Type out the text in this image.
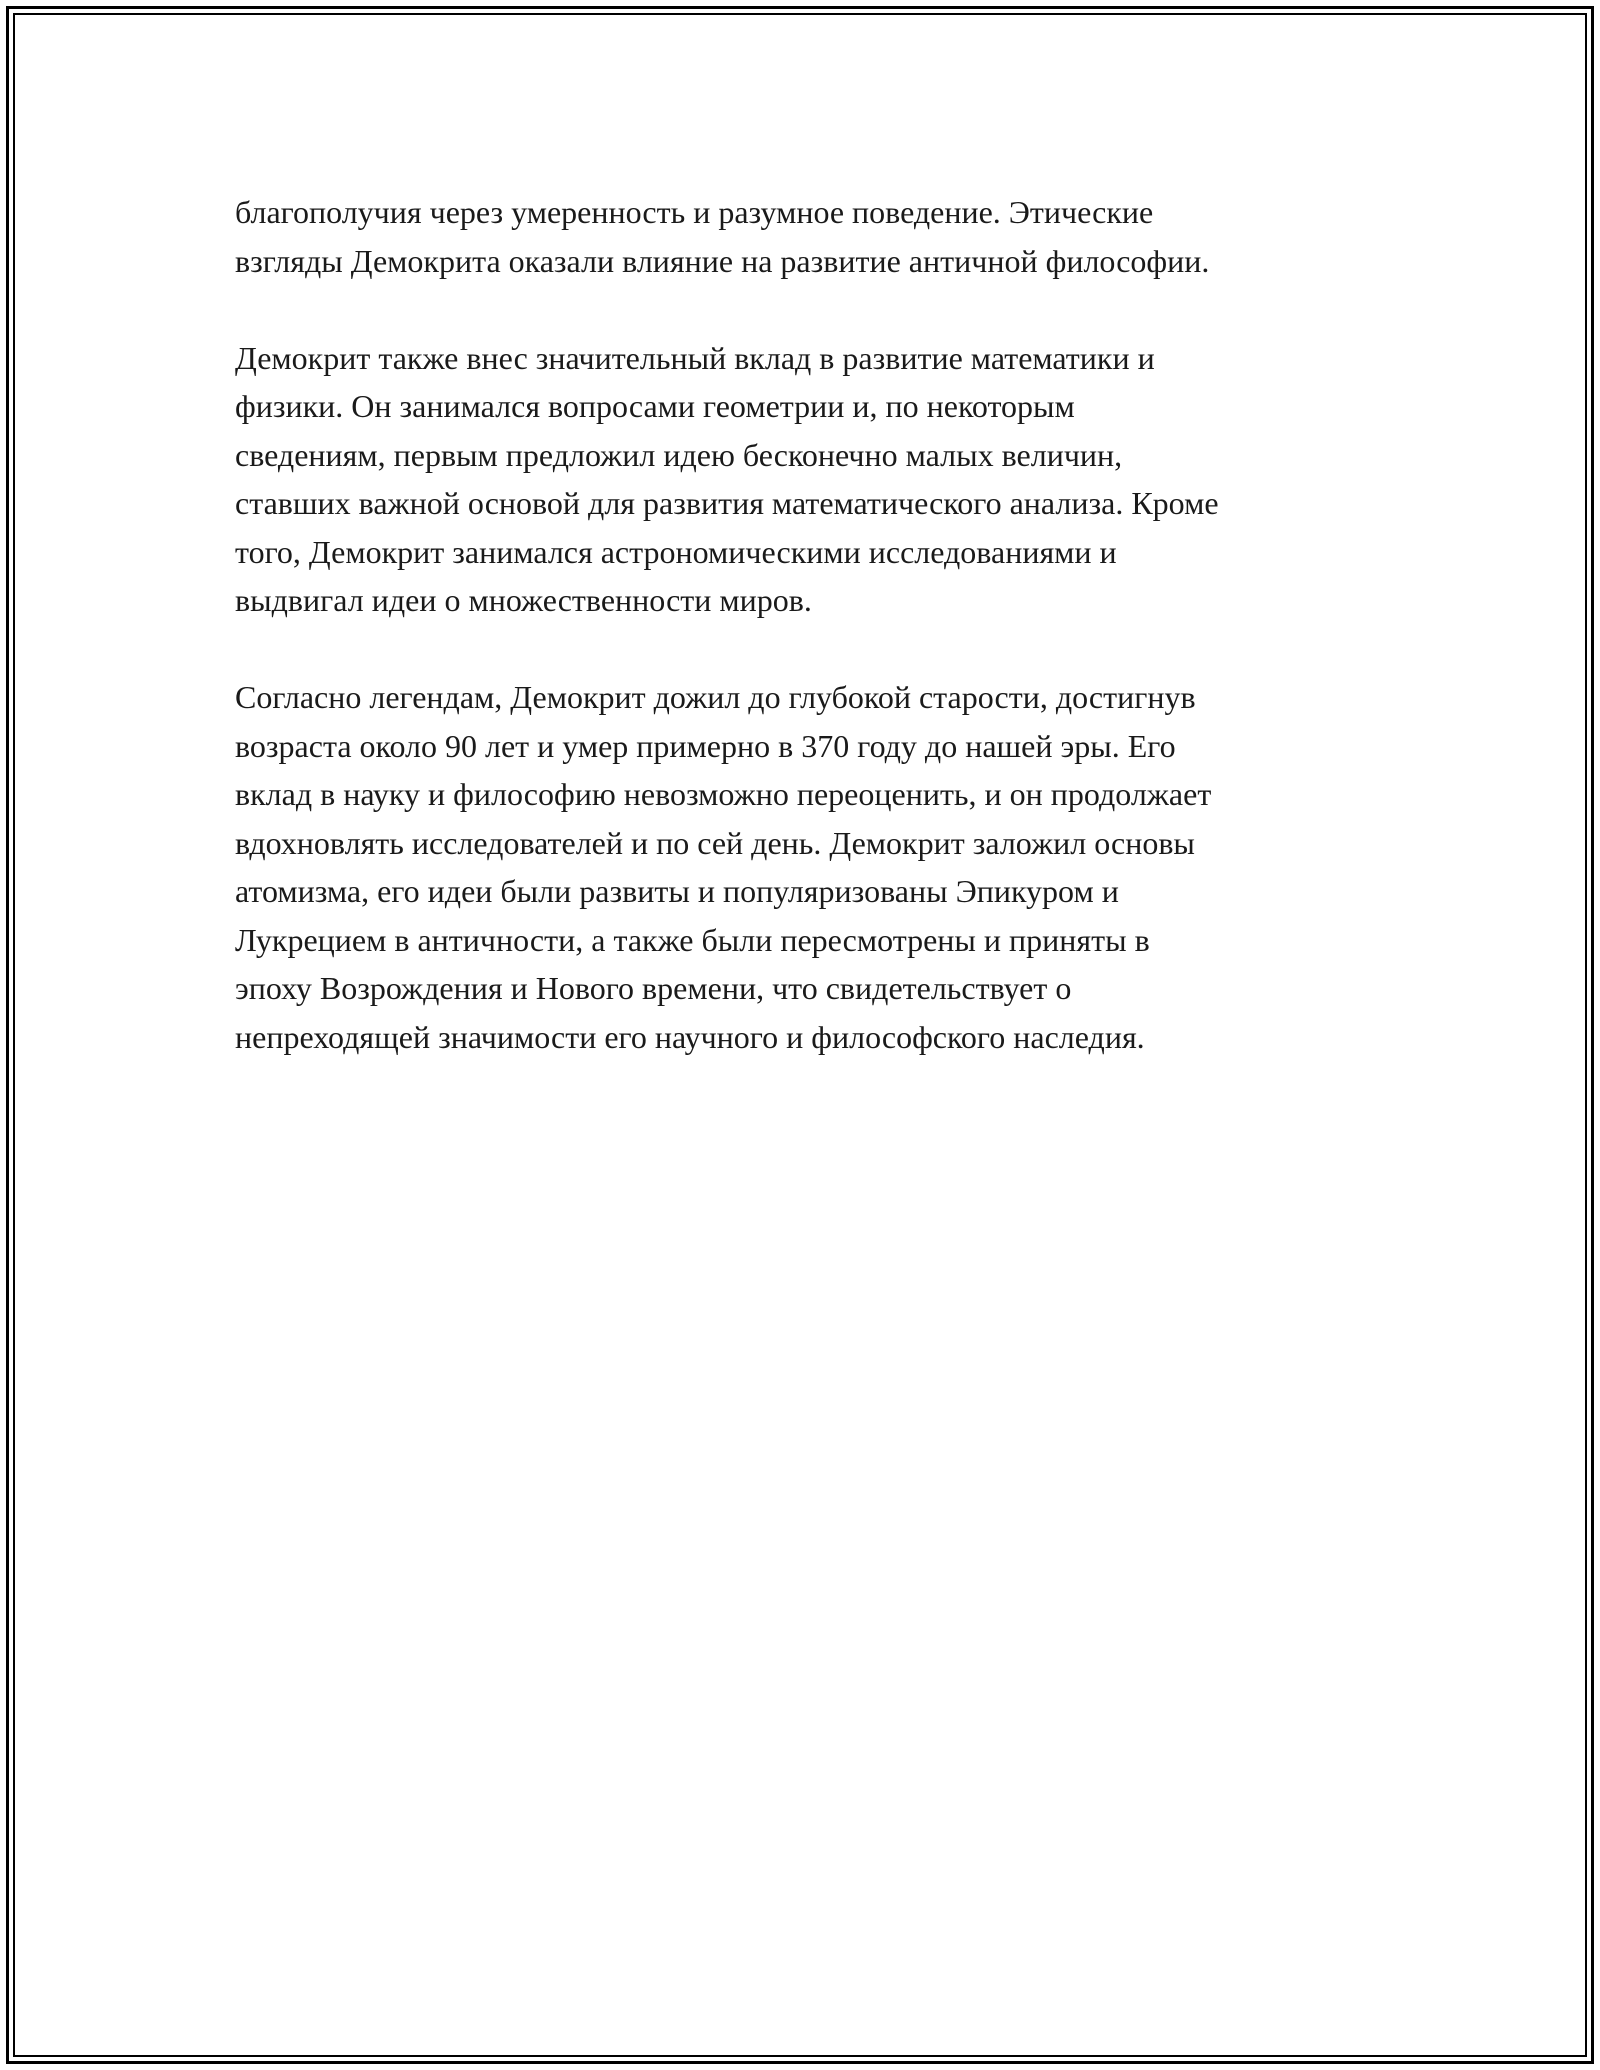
благополучия через умеренность и разумное поведение. Этические
взгляды Демокрита оказали влияние на развитие античной философии.

Демокрит также внес значительный вклад в развитие математики и
физики. Он занимался вопросами геометрии и, по некоторым
сведениям, первым предложил идею бесконечно малых величин,
ставших важной основой для развития математического анализа. Кроме
того, Демокрит занимался астрономическими исследованиями и
выдвигал идеи о множественности миров.

Согласно легендам, Демокрит дожил до глубокой старости, достигнув
возраста около 90 лет и умер примерно в 370 году до нашей эры. Его
вклад в науку и философию невозможно переоценить, и он продолжает
вдохновлять исследователей и по сей день. Демокрит заложил основы
атомизма, его идеи были развиты и популяризованы Эпикуром и
Лукрецием в античности, а также были пересмотрены и приняты в
эпоху Возрождения и Нового времени, что свидетельствует о
непреходящей значимости его научного и философского наследия.
